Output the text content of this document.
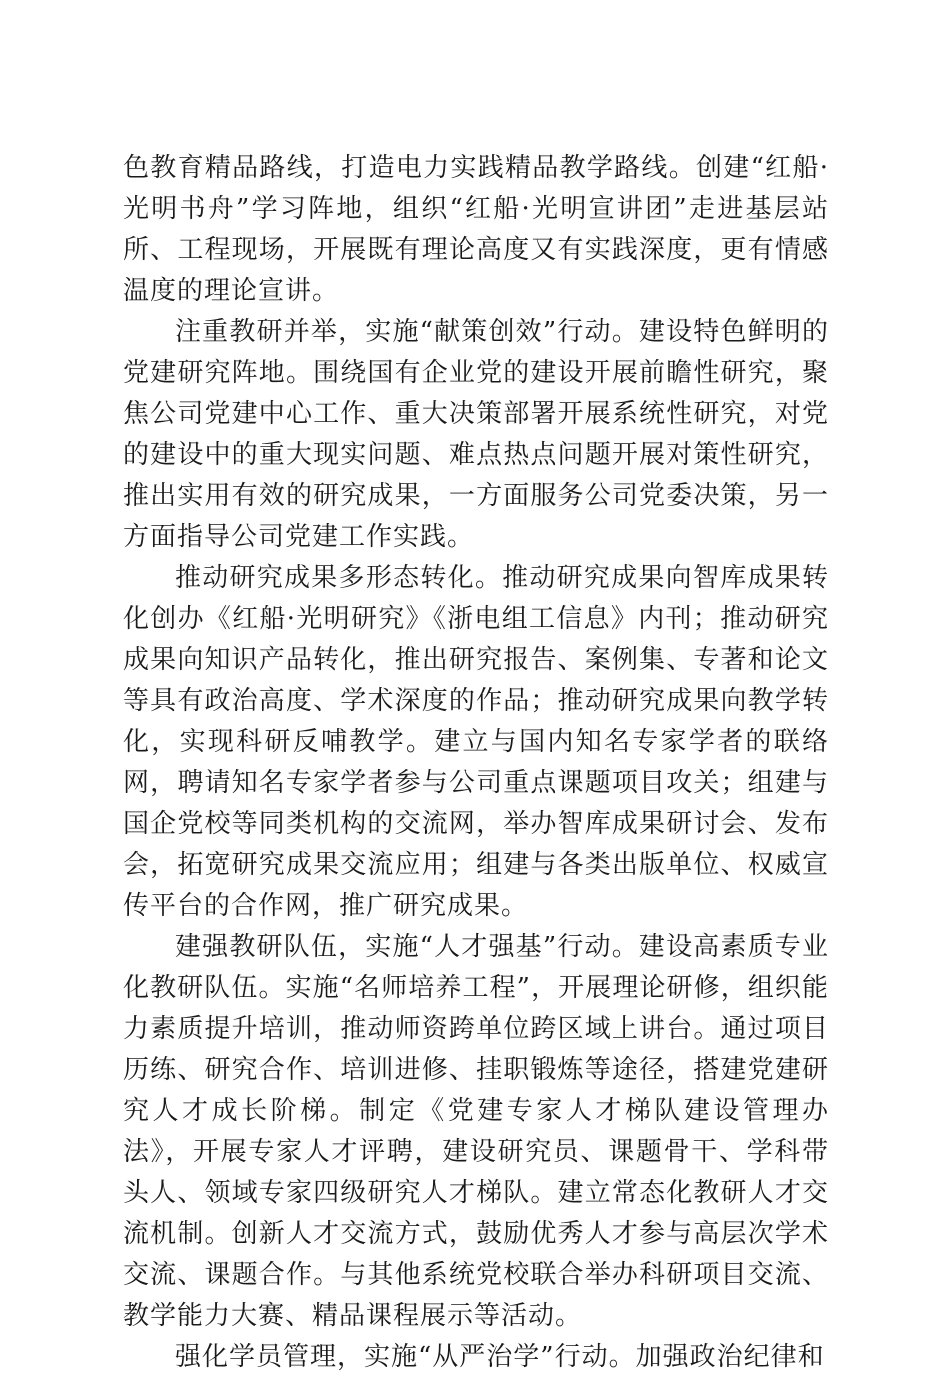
色教育精品路线，打造电力实践精品教学路线。创建“红船·光明书舟”学习阵地，组织“红船·光明宣讲团”走进基层站所、工程现场，开展既有理论高度又有实践深度，更有情感温度的理论宣讲。

注重教研并举，实施“献策创效”行动。建设特色鲜明的党建研究阵地。围绕国有企业党的建设开展前瞻性研究，聚焦公司党建中心工作、重大决策部署开展系统性研究，对党的建设中的重大现实问题、难点热点问题开展对策性研究，推出实用有效的研究成果，一方面服务公司党委决策，另一方面指导公司党建工作实践。

推动研究成果多形态转化。推动研究成果向智库成果转化创办《红船·光明研究》《浙电组工信息》内刊；推动研究成果向知识产品转化，推出研究报告、案例集、专著和论文等具有政治高度、学术深度的作品；推动研究成果向教学转化，实现科研反哺教学。建立与国内知名专家学者的联络网，聘请知名专家学者参与公司重点课题项目攻关；组建与国企党校等同类机构的交流网，举办智库成果研讨会、发布会，拓宽研究成果交流应用；组建与各类出版单位、权威宣传平台的合作网，推广研究成果。

建强教研队伍，实施“人才强基”行动。建设高素质专业化教研队伍。实施“名师培养工程”，开展理论研修，组织能力素质提升培训，推动师资跨单位跨区域上讲台。通过项目历练、研究合作、培训进修、挂职锻炼等途径，搭建党建研究人才成长阶梯。制定《党建专家人才梯队建设管理办法》，开展专家人才评聘，建设研究员、课题骨干、学科带头人、领域专家四级研究人才梯队。建立常态化教研人才交流机制。创新人才交流方式，鼓励优秀人才参与高层次学术交流、课题合作。与其他系统党校联合举办科研项目交流、教学能力大赛、精品课程展示等活动。

强化学员管理，实施“从严治学”行动。加强政治纪律和
